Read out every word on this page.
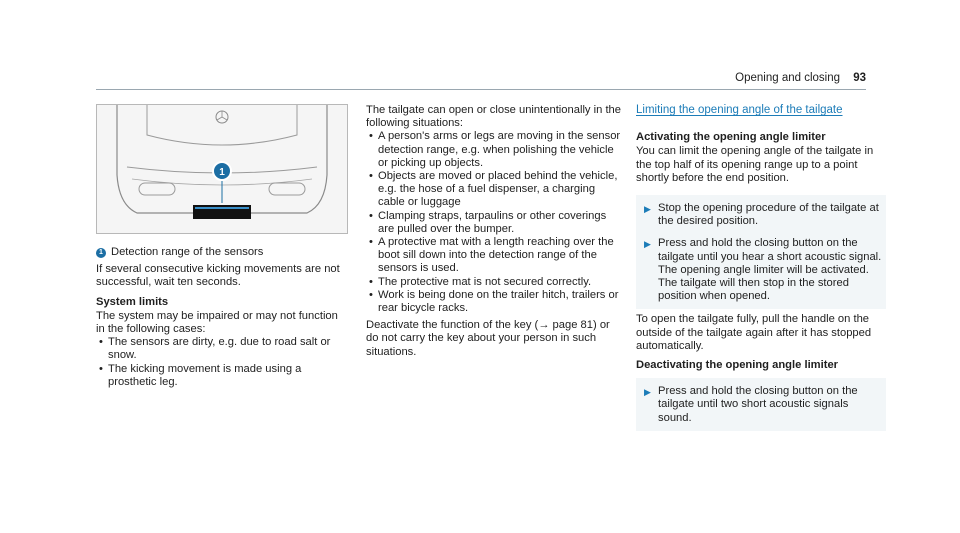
Opening and closing 93
1
1 Detection range of the sensors

If several consecutive kicking movements are not successful, wait ten seconds.

System limits

The system may be impaired or may not function in the following cases:

• The sensors are dirty, e.g. due to road salt or snow.
• The kicking movement is made using a prosthetic leg.

The tailgate can open or close unintentionally in the following situations:

• A person's arms or legs are moving in the sensor detection range, e.g. when polishing the vehicle or picking up objects.
• Objects are moved or placed behind the vehicle, e.g. the hose of a fuel dispenser, a charging cable or luggage
• Clamping straps, tarpaulins or other coverings are pulled over the bumper.
• A protective mat with a length reaching over the boot sill down into the detection range of the sensors is used.
• The protective mat is not secured correctly.
• Work is being done on the trailer hitch, trailers or rear bicycle racks.

Deactivate the function of the key (→ page 81) or do not carry the key about your person in such situations.

Limiting the opening angle of the tailgate
Activating the opening angle limiter

You can limit the opening angle of the tailgate in the top half of its opening range up to a point shortly before the end position.

▶ Stop the opening procedure of the tailgate at the desired position.
▶ Press and hold the closing button on the tailgate until you hear a short acoustic signal. The opening angle limiter will be activated. The tailgate will then stop in the stored position when opened.

To open the tailgate fully, pull the handle on the outside of the tailgate again after it has stopped automatically.

Deactivating the opening angle limiter
▶ Press and hold the closing button on the tailgate until two short acoustic signals sound.
